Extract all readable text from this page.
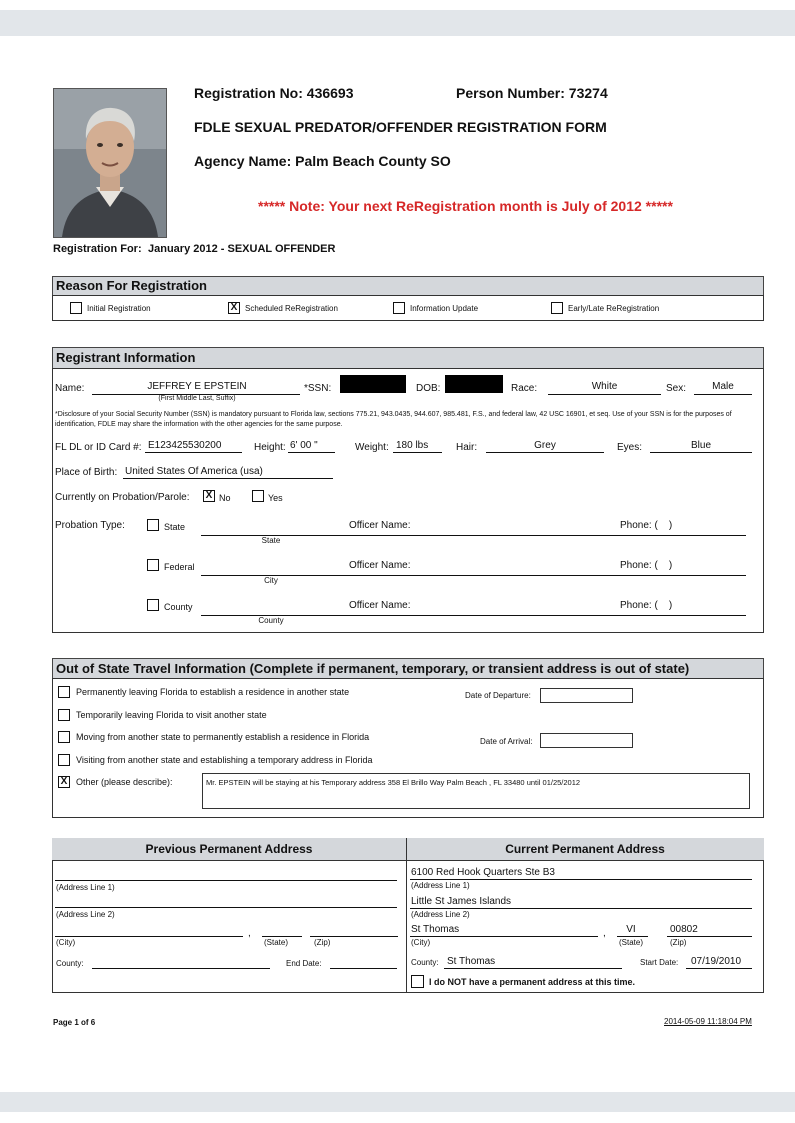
Registration No: 436693	Person Number: 73274
FDLE SEXUAL PREDATOR/OFFENDER REGISTRATION FORM
Agency Name: Palm Beach County SO
***** Note: Your next ReRegistration month is July of 2012 *****
Registration For: January 2012 - SEXUAL OFFENDER
Reason For Registration
Initial Registration	X Scheduled ReRegistration	Information Update	Early/Late ReRegistration
Registrant Information
Name:	JEFFREY E EPSTEIN
(First Middle Last, Suffix)
*SSN:	DOB:	Race:	White	Sex:	Male
*Disclosure of your Social Security Number (SSN) is mandatory pursuant to Florida law, sections 775.21, 943.0435, 944.607, 985.481, F.S., and federal law, 42 USC 16901, et seq. Use of your SSN is for the purposes of identification, FDLE may share the information with the other agencies for the same purpose.
FL DL or ID Card #: E123425530200	Height: 6' 00 "	Weight: 180 lbs	Hair:	Grey	Eyes:	Blue
Place of Birth: United States Of America (usa)
Currently on Probation/Parole: X No	Yes
Probation Type:	State
State
Officer Name:	Phone: (    )
Federal
City
Officer Name:	Phone: (    )
County
County
Officer Name:	Phone: (    )
Out of State Travel Information (Complete if permanent, temporary, or transient address is out of state)
Permanently leaving Florida to establish a residence in another state
Temporarily leaving Florida to visit another state
Moving from another state to permanently establish a residence in Florida
Visiting from another state and establishing a temporary address in Florida
X Other (please describe):
Date of Departure:
Date of Arrival:
Mr. EPSTEIN will be staying at his Temporary address 358 El Brillo Way Palm Beach , FL 33480 until 01/25/2012
Previous Permanent Address	Current Permanent Address
(Address Line 1)
(Address Line 2)
,
(City)	(State)	(Zip)
County:	End Date:
6100 Red Hook Quarters Ste B3
(Address Line 1)
Little St James Islands
(Address Line 2)
St Thomas	,	VI	00802
(City)	(State)	(Zip)
County: St Thomas	Start Date: 07/19/2010
I do NOT have a permanent address at this time.
Page 1 of 6	2014-05-09 11:18:04 PM
